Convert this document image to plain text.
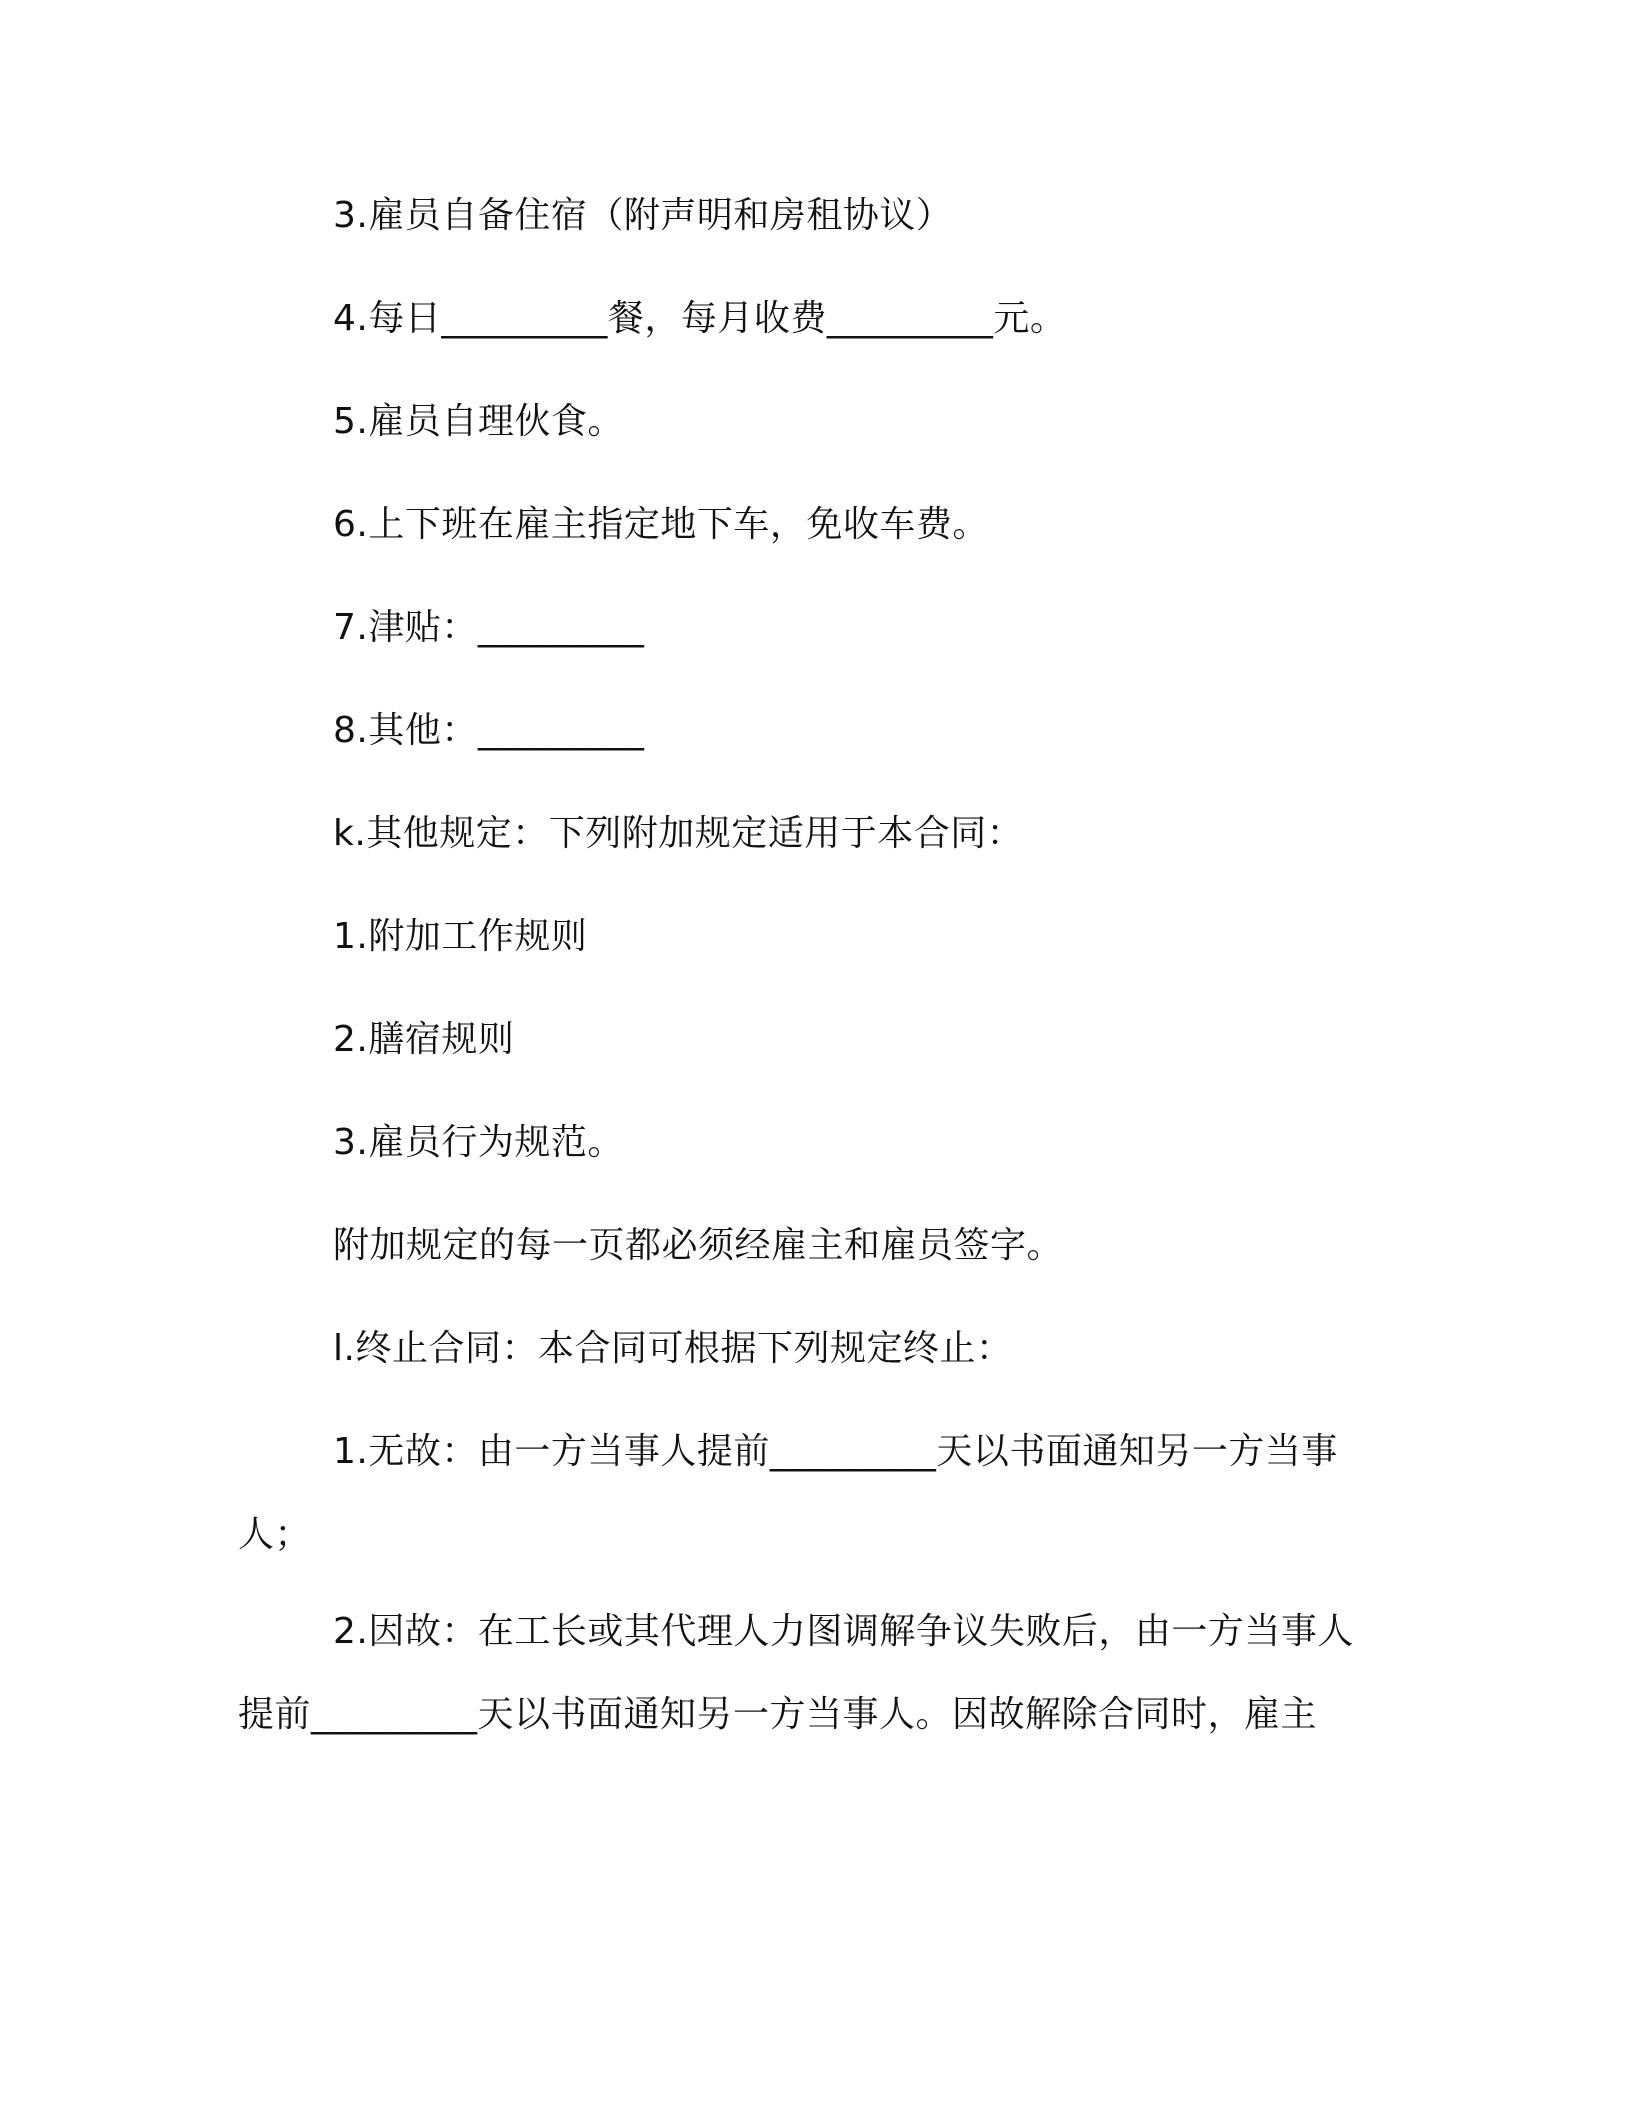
3.雇员自备住宿（附声明和房租协议）
4.每日_________餐，每月收费_________元。
5.雇员自理伙食。
6.上下班在雇主指定地下车，免收车费。
7.津贴：_________
8.其他：_________
k.其他规定：下列附加规定适用于本合同：
1.附加工作规则
2.膳宿规则
3.雇员行为规范。
附加规定的每一页都必须经雇主和雇员签字。
l.终止合同：本合同可根据下列规定终止：
1.无故：由一方当事人提前_________天以书面通知另一方当事
人；
2.因故：在工长或其代理人力图调解争议失败后，由一方当事人
提前_________天以书面通知另一方当事人。因故解除合同时，雇主
